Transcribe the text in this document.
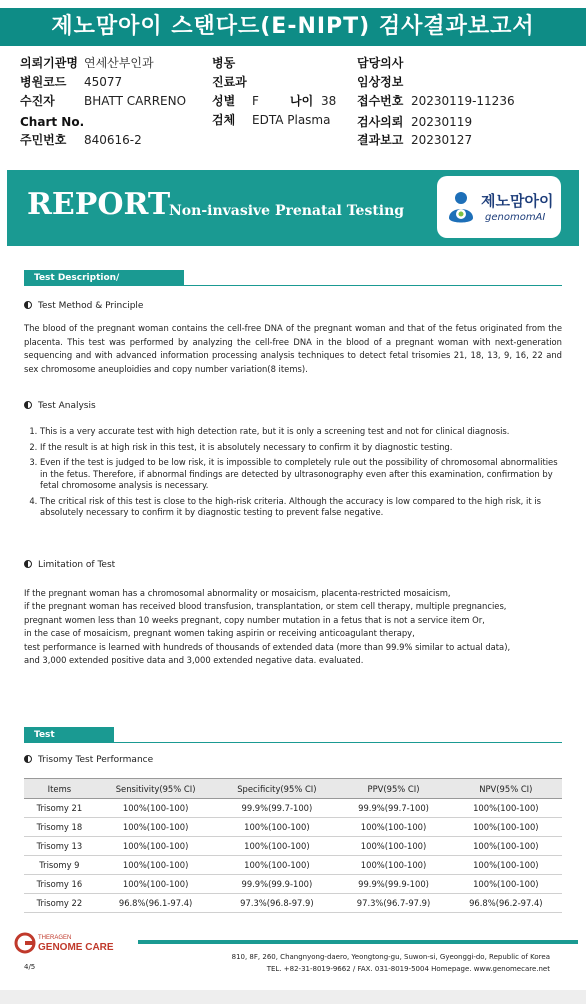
제노맘아이 스탠다드(E-NIPT) 검사결과보고서
의뢰기관명 연세산부인과
병원코드 45077
수진자 BHATT CARRENO
Chart No.
주민번호 840616-2
병동
진료과
성별 F	나이 38
검체 EDTA Plasma
담당의사
임상정보
접수번호 20230119-11236
검사의뢰 20230119
결과보고 20230127
REPORT
Non-invasive Prenatal Testing
제노맘아이
genomomAI
Test Description/ Interpretation
Test Method & Principle
The blood of the pregnant woman contains the cell-free DNA of the pregnant woman and that of the fetus originated from the placenta. This test was performed by analyzing the cell-free DNA in the blood of a pregnant woman with next-generation sequencing and with advanced information processing analysis techniques to detect fetal trisomies 21, 18, 13, 9, 16, 22 and sex chromosome aneuploidies and copy number variation(8 items).
Test Analysis
1. This is a very accurate test with high detection rate, but it is only a screening test and not for clinical diagnosis.
2. If the result is at high risk in this test, it is absolutely necessary to confirm it by diagnostic testing.
3. Even if the test is judged to be low risk, it is impossible to completely rule out the possibility of chromosomal abnormalities in the fetus. Therefore, if abnormal findings are detected by ultrasonography even after this examination, confirmation by fetal chromosome analysis is necessary.
4. The critical risk of this test is close to the high-risk criteria. Although the accuracy is low compared to the high risk, it is absolutely necessary to confirm it by diagnostic testing to prevent false negative.
Limitation of Test
If the pregnant woman has a chromosomal abnormality or mosaicism, placenta-restricted mosaicism,
if the pregnant woman has received blood transfusion, transplantation, or stem cell therapy, multiple pregnancies,
pregnant women less than 10 weeks pregnant, copy number mutation in a fetus that is not a service item Or,
in the case of mosaicism, pregnant women taking aspirin or receiving anticoagulant therapy,
test performance is learned with hundreds of thousands of extended data (more than 99.9% similar to actual data),
and 3,000 extended positive data and 3,000 extended negative data. evaluated.
Test Performance
Trisomy Test Performance
Items	Sensitivity(95% CI)	Specificity(95% CI)	PPV(95% CI)	NPV(95% CI)
Trisomy 21	100%(100-100)	99.9%(99.7-100)	99.9%(99.7-100)	100%(100-100)
Trisomy 18	100%(100-100)	100%(100-100)	100%(100-100)	100%(100-100)
Trisomy 13	100%(100-100)	100%(100-100)	100%(100-100)	100%(100-100)
Trisomy 9	100%(100-100)	100%(100-100)	100%(100-100)	100%(100-100)
Trisomy 16	100%(100-100)	99.9%(99.9-100)	99.9%(99.9-100)	100%(100-100)
Trisomy 22	96.8%(96.1-97.4)	97.3%(96.8-97.9)	97.3%(96.7-97.9)	96.8%(96.2-97.4)
THERAGEN
GENOME CARE
810, 8F, 260, Changnyong-daero, Yeongtong-gu, Suwon-si, Gyeonggi-do, Republic of Korea
TEL. +82-31-8019-9662 / FAX. 031-8019-5004 Homepage. www.genomecare.net
4/5
